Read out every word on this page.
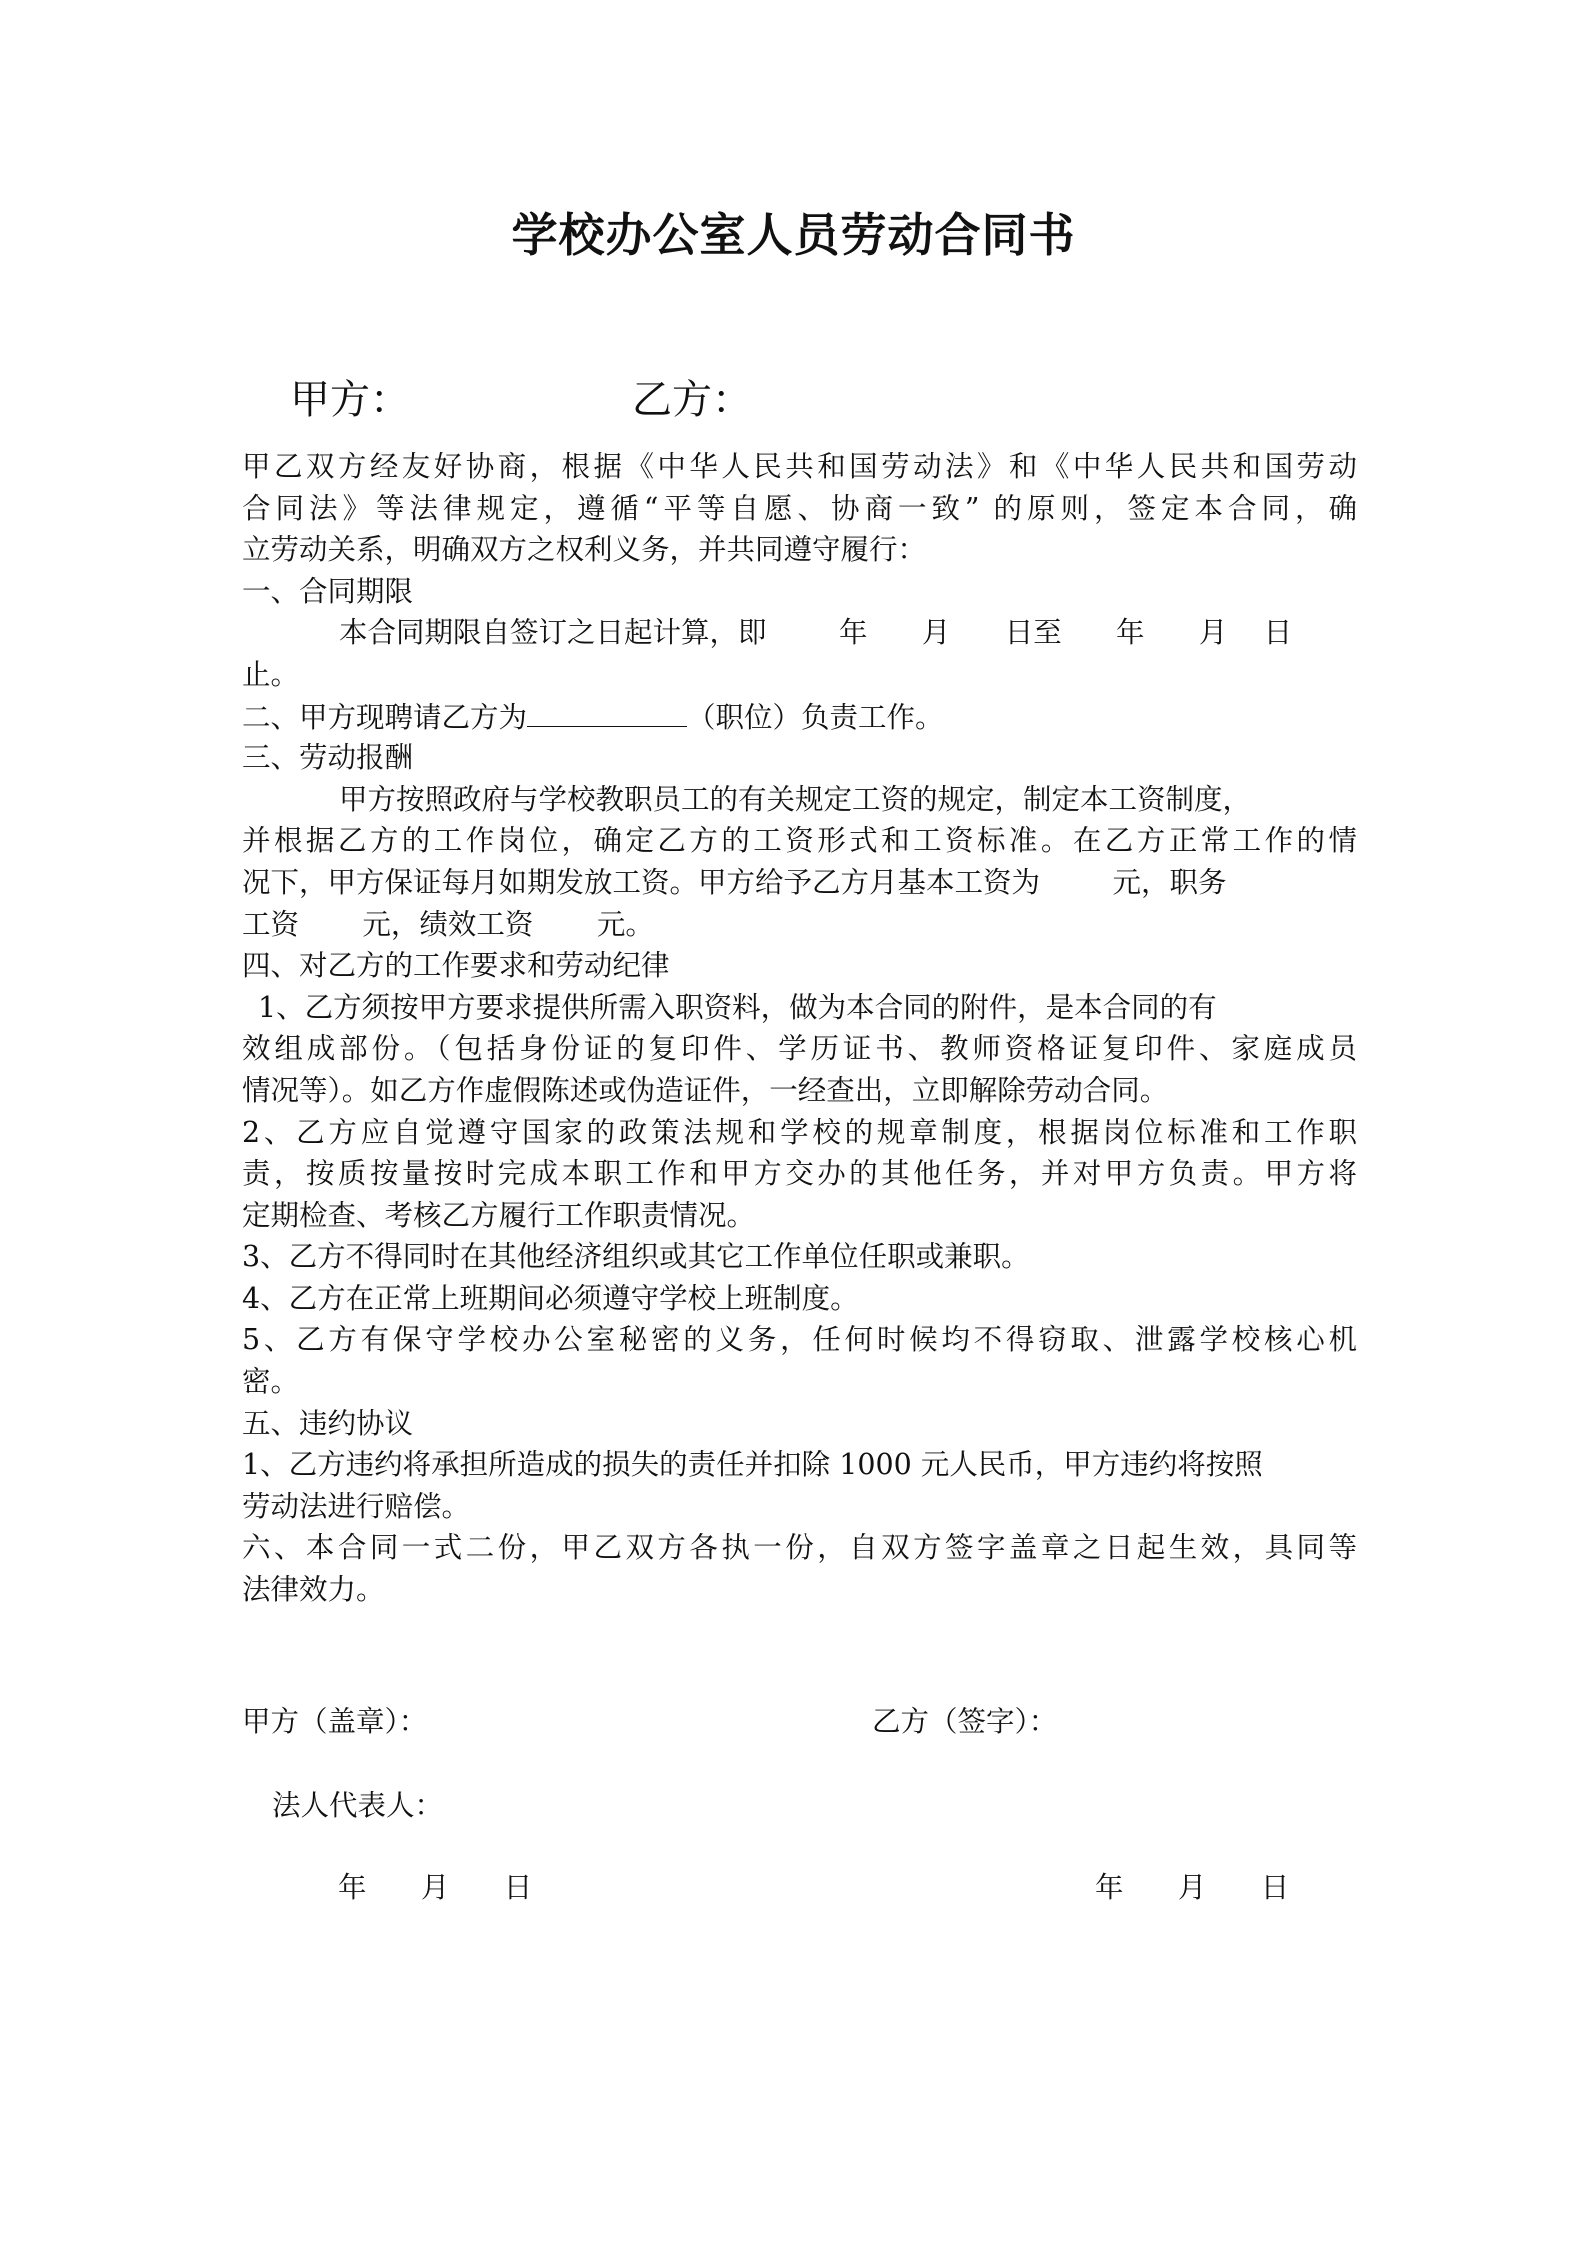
学校办公室人员劳动合同书
甲方：	乙方：
甲乙双方经友好协商，根据《中华人民共和国劳动法》和《中华人民共和国劳动
合同法》等法律规定，遵循“平等自愿、协商一致” 的原则，签定本合同，确
立劳动关系，明确双方之权利义务，并共同遵守履行：
一、合同期限
本合同期限自签订之日起计算，即        年      月      日至      年      月    日
止。
二、甲方现聘请乙方为	（职位）负责工作。
三、劳动报酬
甲方按照政府与学校教职员工的有关规定工资的规定，制定本工资制度，
并根据乙方的工作岗位，确定乙方的工资形式和工资标准。在乙方正常工作的情
况下，甲方保证每月如期发放工资。甲方给予乙方月基本工资为        元，职务
工资       元，绩效工资       元。
四、对乙方的工作要求和劳动纪律
1、乙方须按甲方要求提供所需入职资料，做为本合同的附件，是本合同的有
效组成部份。（包括身份证的复印件、学历证书、教师资格证复印件、家庭成员
情况等）。如乙方作虚假陈述或伪造证件，一经查出，立即解除劳动合同。
2、乙方应自觉遵守国家的政策法规和学校的规章制度，根据岗位标准和工作职
责，按质按量按时完成本职工作和甲方交办的其他任务，并对甲方负责。甲方将
定期检查、考核乙方履行工作职责情况。
3、乙方不得同时在其他经济组织或其它工作单位任职或兼职。
4、乙方在正常上班期间必须遵守学校上班制度。
5、乙方有保守学校办公室秘密的义务，任何时候均不得窃取、泄露学校核心机
密。
五、违约协议
1、乙方违约将承担所造成的损失的责任并扣除 1000 元人民币，甲方违约将按照
劳动法进行赔偿。
六、本合同一式二份，甲乙双方各执一份，自双方签字盖章之日起生效，具同等
法律效力。
甲方（盖章）：	乙方（签字）：
法人代表人：
年      月      日	年      月      日
